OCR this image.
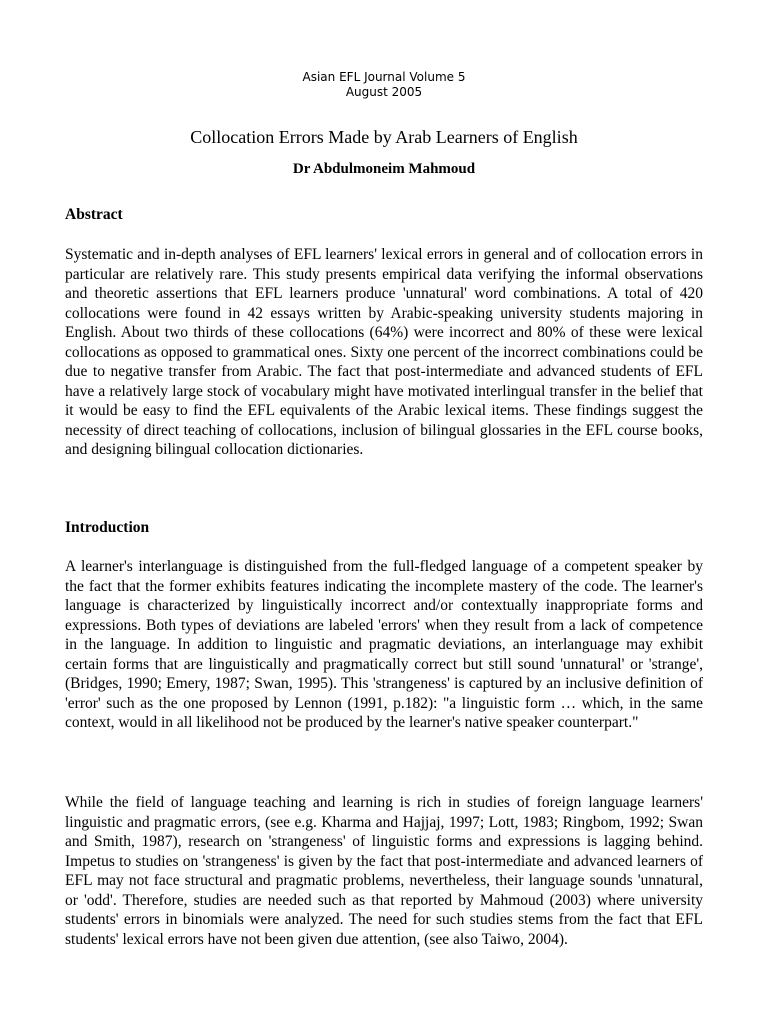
Asian EFL Journal Volume 5
August 2005
Collocation Errors Made by Arab Learners of English
Dr Abdulmoneim Mahmoud
Abstract

Systematic and in-depth analyses of EFL learners' lexical errors in general and of collocation errors in particular are relatively rare. This study presents empirical data verifying the informal observations and theoretic assertions that EFL learners produce 'unnatural' word combinations. A total of 420 collocations were found in 42 essays written by Arabic-speaking university students majoring in English. About two thirds of these collocations (64%) were incorrect and 80% of these were lexical collocations as opposed to grammatical ones. Sixty one percent of the incorrect combinations could be due to negative transfer from Arabic. The fact that post-intermediate and advanced students of EFL have a relatively large stock of vocabulary might have motivated interlingual transfer in the belief that it would be easy to find the EFL equivalents of the Arabic lexical items. These findings suggest the necessity of direct teaching of collocations, inclusion of bilingual glossaries in the EFL course books, and designing bilingual collocation dictionaries.

Introduction

A learner's interlanguage is distinguished from the full-fledged language of a competent speaker by the fact that the former exhibits features indicating the incomplete mastery of the code. The learner's language is characterized by linguistically incorrect and/or contextually inappropriate forms and expressions. Both types of deviations are labeled 'errors' when they result from a lack of competence in the language. In addition to linguistic and pragmatic deviations, an interlanguage may exhibit certain forms that are linguistically and pragmatically correct but still sound 'unnatural' or 'strange', (Bridges, 1990; Emery, 1987; Swan, 1995). This 'strangeness' is captured by an inclusive definition of 'error' such as the one proposed by Lennon (1991, p.182): "a linguistic form … which, in the same context, would in all likelihood not be produced by the learner's native speaker counterpart."

While the field of language teaching and learning is rich in studies of foreign language learners' linguistic and pragmatic errors, (see e.g. Kharma and Hajjaj, 1997; Lott, 1983; Ringbom, 1992; Swan and Smith, 1987), research on 'strangeness' of linguistic forms and expressions is lagging behind. Impetus to studies on 'strangeness' is given by the fact that post-intermediate and advanced learners of EFL may not face structural and pragmatic problems, nevertheless, their language sounds 'unnatural, or 'odd'. Therefore, studies are needed such as that reported by Mahmoud (2003) where university students' errors in binomials were analyzed. The need for such studies stems from the fact that EFL students' lexical errors have not been given due attention, (see also Taiwo, 2004).
